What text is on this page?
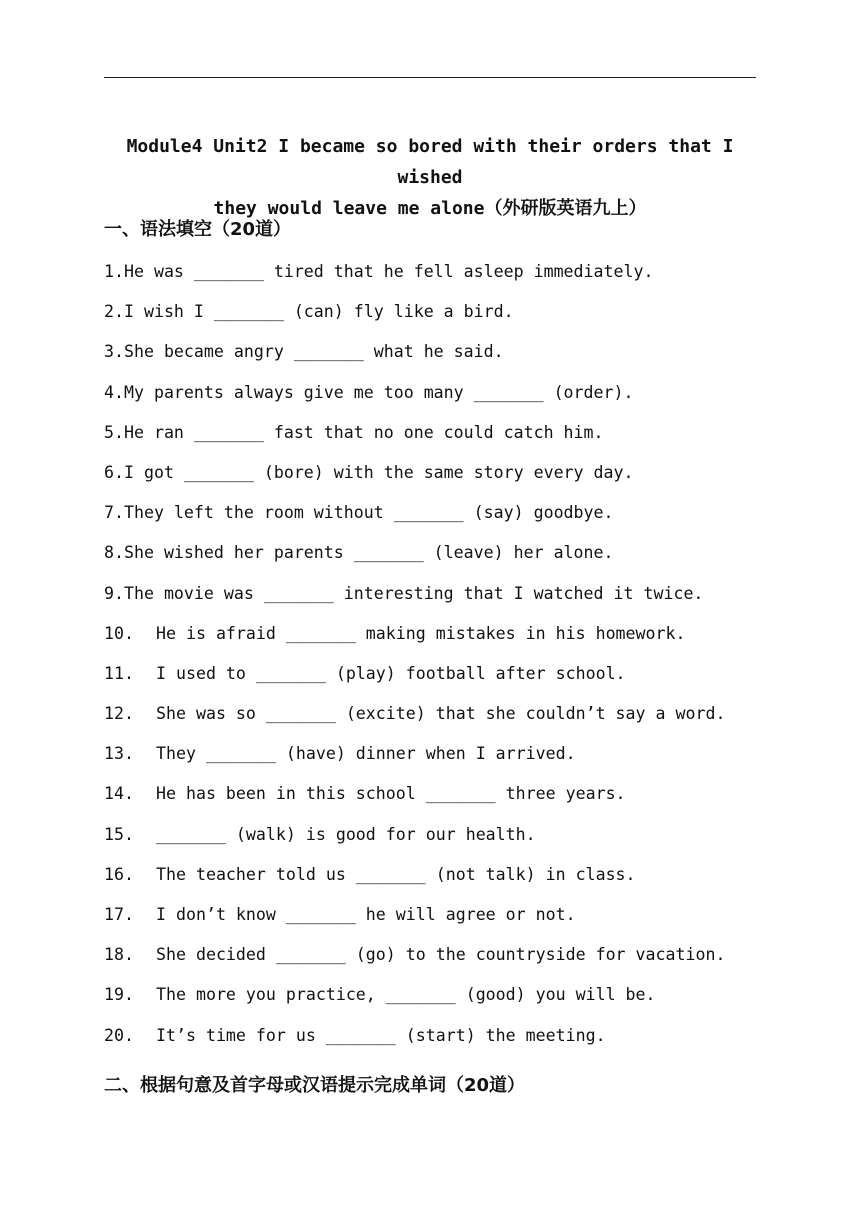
Module4 Unit2 I became so bored with their orders that I wished
they would leave me alone（外研版英语九上）
一、语法填空（20道）
1.He was _______ tired that he fell asleep immediately.
2.I wish I _______ (can) fly like a bird.
3.She became angry _______ what he said.
4.My parents always give me too many _______ (order).
5.He ran _______ fast that no one could catch him.
6.I got _______ (bore) with the same story every day.
7.They left the room without _______ (say) goodbye.
8.She wished her parents _______ (leave) her alone.
9.The movie was _______ interesting that I watched it twice.
10. He is afraid _______ making mistakes in his homework.
11. I used to _______ (play) football after school.
12. She was so _______ (excite) that she couldn’t say a word.
13. They _______ (have) dinner when I arrived.
14. He has been in this school _______ three years.
15. _______ (walk) is good for our health.
16. The teacher told us _______ (not talk) in class.
17. I don’t know _______ he will agree or not.
18. She decided _______ (go) to the countryside for vacation.
19. The more you practice, _______ (good) you will be.
20. It’s time for us _______ (start) the meeting.
二、根据句意及首字母或汉语提示完成单词（20道）
